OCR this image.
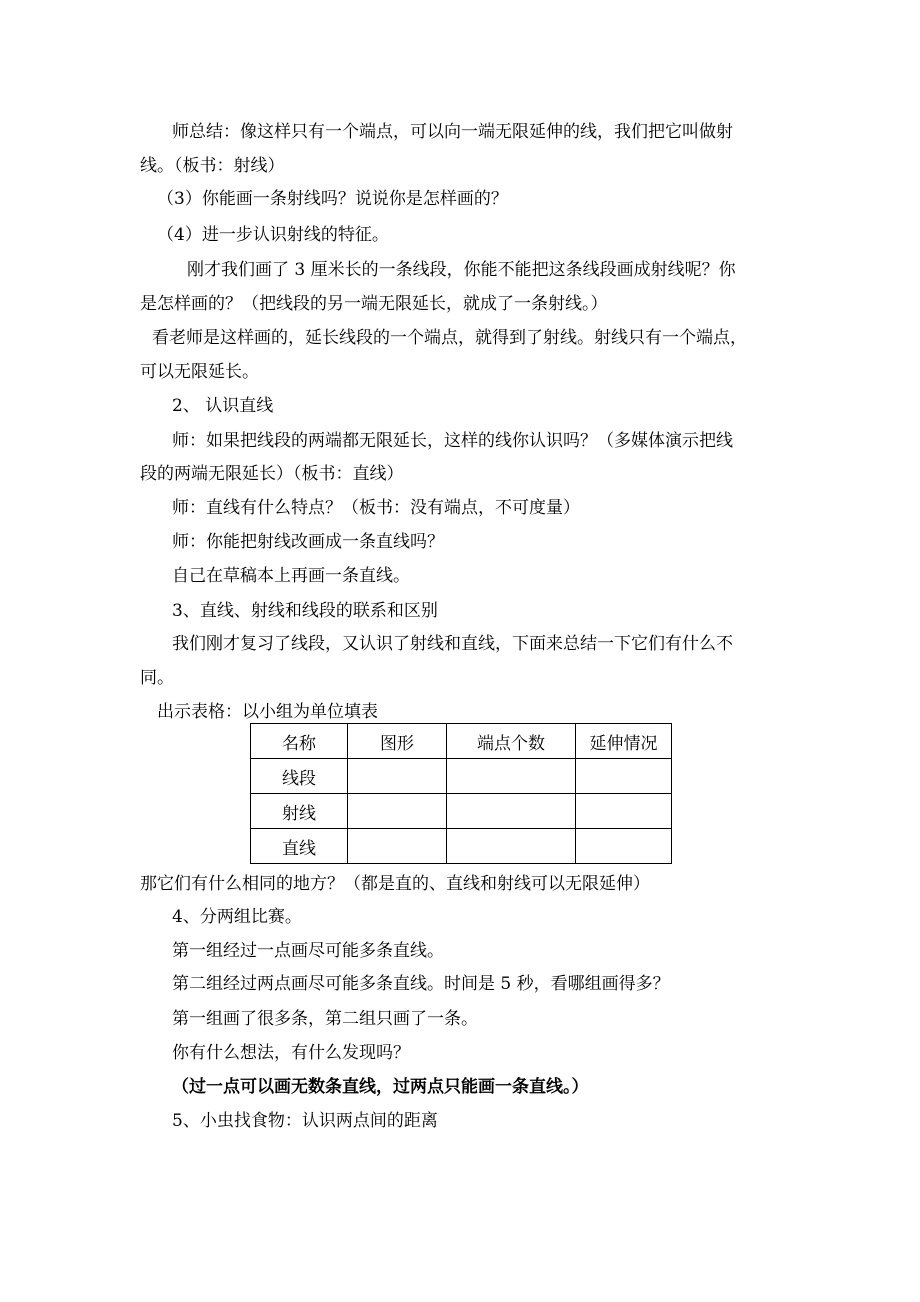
师总结：像这样只有一个端点，可以向一端无限延伸的线，我们把它叫做射
线。（板书：射线）
（3）你能画一条射线吗？说说你是怎样画的？
（4）进一步认识射线的特征。
刚才我们画了 3 厘米长的一条线段，你能不能把这条线段画成射线呢？你
是怎样画的？（把线段的另一端无限延长，就成了一条射线。）
看老师是这样画的，延长线段的一个端点，就得到了射线。射线只有一个端点，
可以无限延长。
2、 认识直线
师：如果把线段的两端都无限延长，这样的线你认识吗？（多媒体演示把线
段的两端无限延长）（板书：直线）
师：直线有什么特点？（板书：没有端点，不可度量）
师：你能把射线改画成一条直线吗？
自己在草稿本上再画一条直线。
3、直线、射线和线段的联系和区别
我们刚才复习了线段，又认识了射线和直线，下面来总结一下它们有什么不
同。
出示表格：以小组为单位填表
名称	图形	端点个数	延伸情况
线段			
射线			
直线			
那它们有什么相同的地方？（都是直的、直线和射线可以无限延伸）
4、分两组比赛。
第一组经过一点画尽可能多条直线。
第二组经过两点画尽可能多条直线。时间是 5 秒，看哪组画得多？
第一组画了很多条，第二组只画了一条。
你有什么想法，有什么发现吗？
（过一点可以画无数条直线，过两点只能画一条直线。）
5、小虫找食物：认识两点间的距离
